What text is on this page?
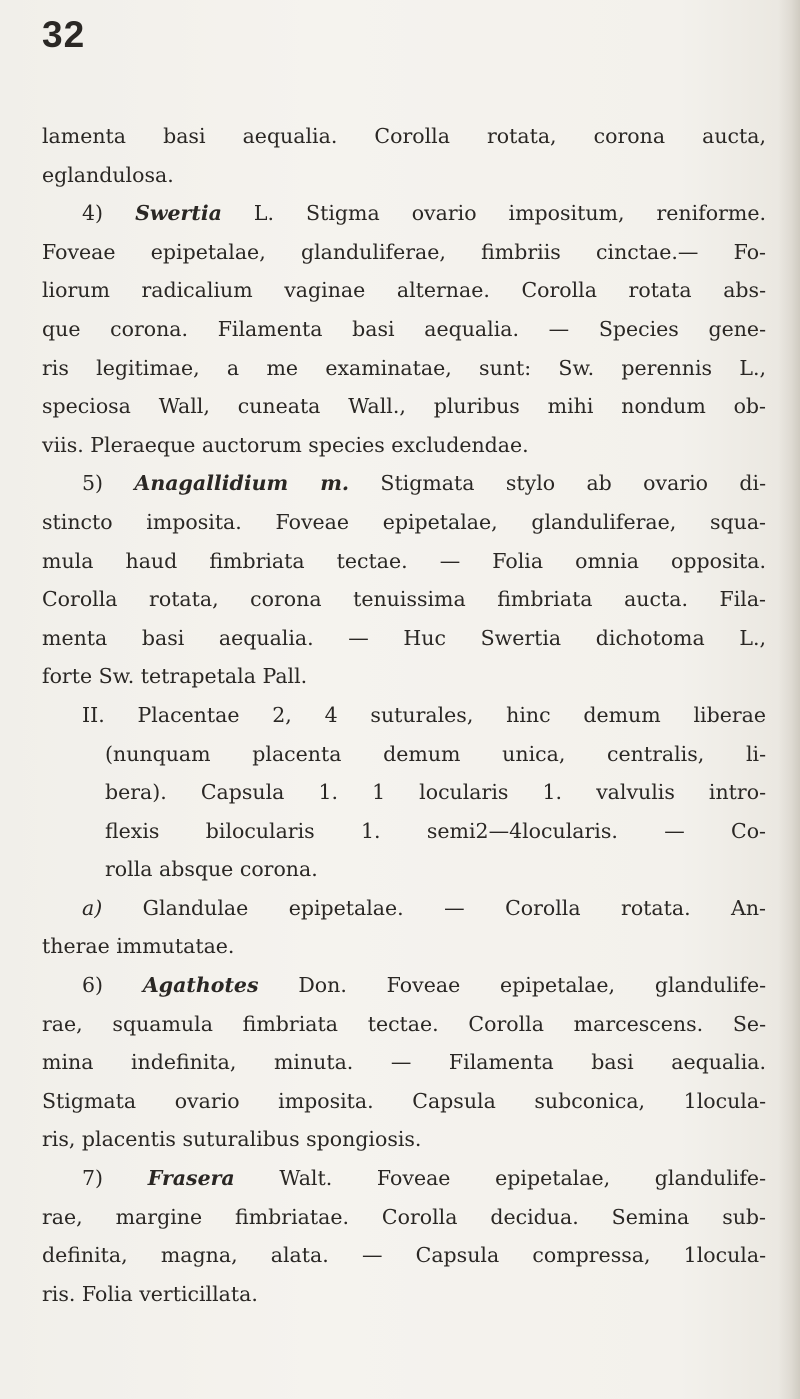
32
lamenta basi aequalia. Corolla rotata, corona aucta,
eglandulosa.
4) Swertia L. Stigma ovario impositum, reniforme.
Foveae epipetalae, glanduliferae, fimbriis cinctae.— Fo-
liorum radicalium vaginae alternae. Corolla rotata abs-
que corona. Filamenta basi aequalia. — Species gene-
ris legitimae, a me examinatae, sunt: Sw. perennis L.,
speciosa Wall, cuneata Wall., pluribus mihi nondum ob-
viis. Pleraeque auctorum species excludendae.
5) Anagallidium m. Stigmata stylo ab ovario di-
stincto imposita. Foveae epipetalae, glanduliferae, squa-
mula haud fimbriata tectae. — Folia omnia opposita.
Corolla rotata, corona tenuissima fimbriata aucta. Fila-
menta basi aequalia. — Huc Swertia dichotoma L.,
forte Sw. tetrapetala Pall.
II. Placentae 2, 4 suturales, hinc demum liberae
(nunquam placenta demum unica, centralis, li-
bera). Capsula 1. 1 locularis 1. valvulis intro-
flexis bilocularis 1. semi2—4locularis. — Co-
rolla absque corona.
a) Glandulae epipetalae. — Corolla rotata. An-
therae immutatae.
6) Agathotes Don. Foveae epipetalae, glandulife-
rae, squamula fimbriata tectae. Corolla marcescens. Se-
mina indefinita, minuta. — Filamenta basi aequalia.
Stigmata ovario imposita. Capsula subconica, 1locula-
ris, placentis suturalibus spongiosis.
7) Frasera Walt. Foveae epipetalae, glandulife-
rae, margine fimbriatae. Corolla decidua. Semina sub-
definita, magna, alata. — Capsula compressa, 1locula-
ris. Folia verticillata.
